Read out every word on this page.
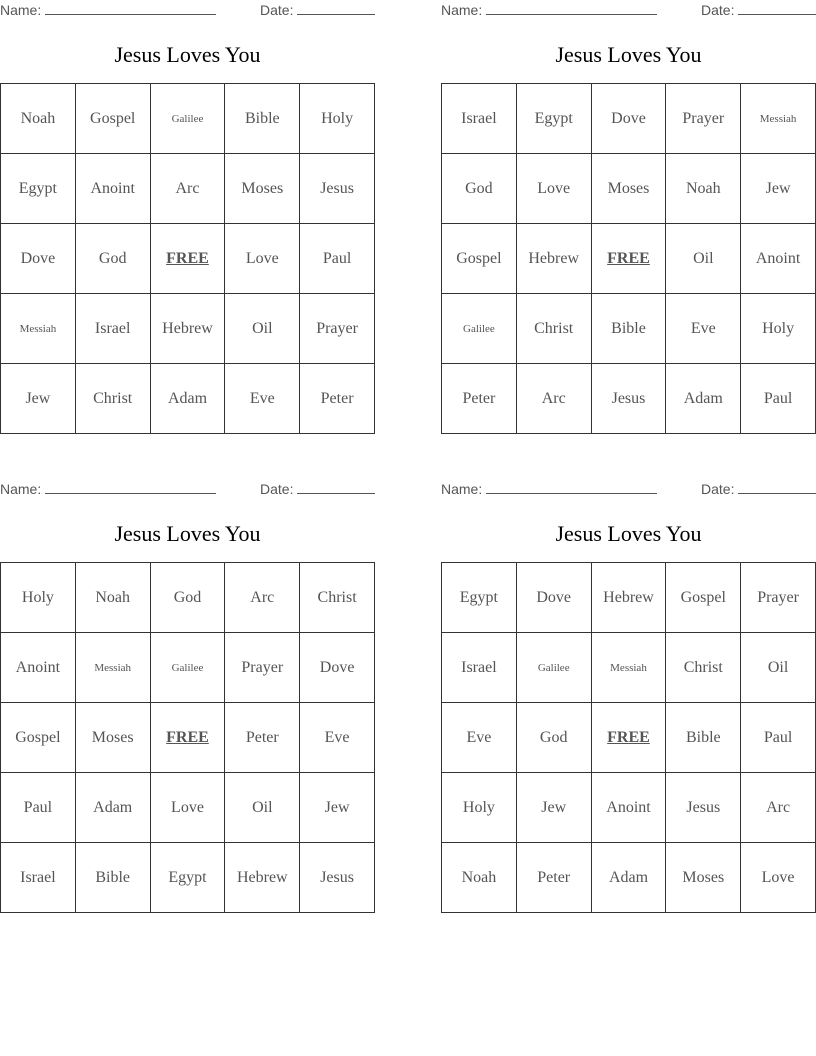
Name:	Date:
Jesus Loves You
Noah	Gospel	Galilee	Bible	Holy
Egypt	Anoint	Arc	Moses	Jesus
Dove	God	FREE	Love	Paul
Messiah	Israel	Hebrew	Oil	Prayer
Jew	Christ	Adam	Eve	Peter
Name:	Date:
Jesus Loves You
Israel	Egypt	Dove	Prayer	Messiah
God	Love	Moses	Noah	Jew
Gospel	Hebrew	FREE	Oil	Anoint
Galilee	Christ	Bible	Eve	Holy
Peter	Arc	Jesus	Adam	Paul
Name:	Date:
Jesus Loves You
Holy	Noah	God	Arc	Christ
Anoint	Messiah	Galilee	Prayer	Dove
Gospel	Moses	FREE	Peter	Eve
Paul	Adam	Love	Oil	Jew
Israel	Bible	Egypt	Hebrew	Jesus
Name:	Date:
Jesus Loves You
Egypt	Dove	Hebrew	Gospel	Prayer
Israel	Galilee	Messiah	Christ	Oil
Eve	God	FREE	Bible	Paul
Holy	Jew	Anoint	Jesus	Arc
Noah	Peter	Adam	Moses	Love
